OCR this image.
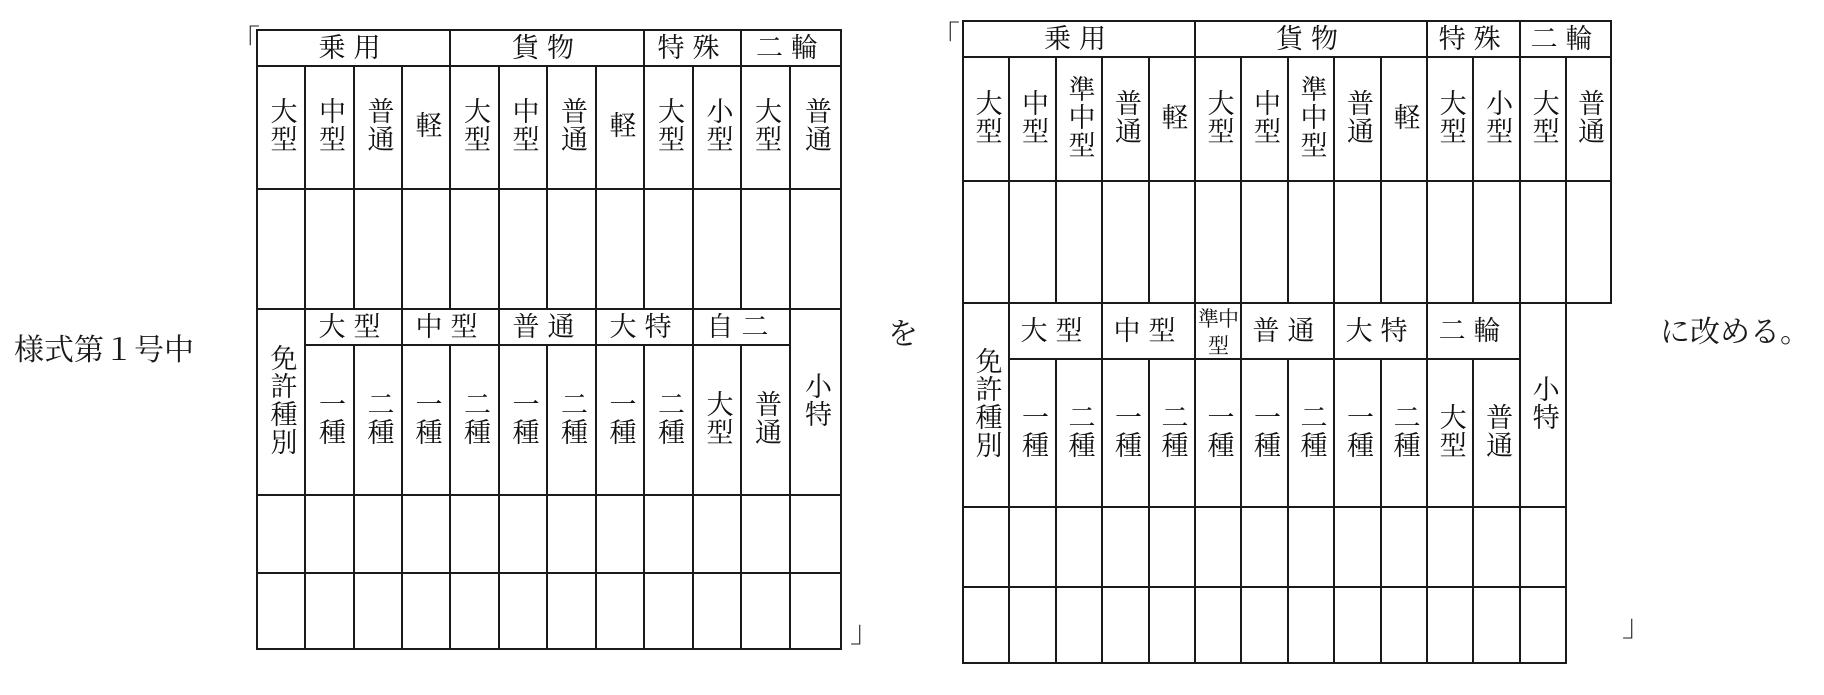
様式第１号中
「 乗用				貨物				特殊		二輪	
大型	中型	普通	軽	大型	中型	普通	軽	大型	小型	大型	普通

免許種別	大型		中型		普通		大特		自二		小特
	一種	二種	一種	二種	一種	二種	一種	二種	大型	普通	

」
を
「	乗用					貨物					特殊		二輪	
大型	中型	準中型	普通	軽	大型	中型	準中型	普通	軽	大型	小型	大型	普通

免許種別	大型		中型		準中型	普通		大特		二輪		小特	
	一種	二種	一種	二種	一種	一種	二種	一種	二種	大型	普通		

」
に改める。
